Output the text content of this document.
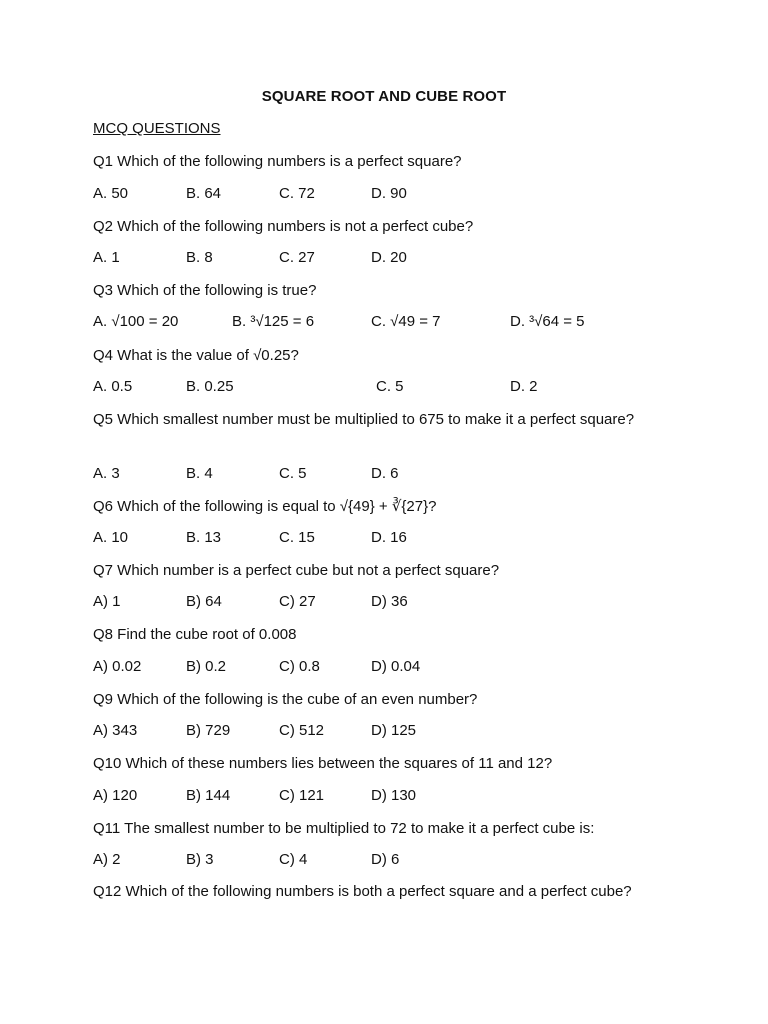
SQUARE ROOT AND CUBE ROOT
MCQ QUESTIONS
Q1 Which of the following numbers is a perfect square?
A. 50	B. 64	C. 72	D. 90
Q2 Which of the following numbers is not a perfect cube?
A. 1	B. 8	C. 27	D. 20
Q3 Which of the following is true?
A. √100 = 20	B. ³√125 = 6	C. √49 = 7	D. ³√64 = 5
Q4 What is the value of √0.25?
A. 0.5	B. 0.25	C. 5	D. 2
Q5 Which smallest number must be multiplied to 675 to make it a perfect square?
A. 3	B. 4	C. 5	D. 6
Q6 Which of the following is equal to √{49} + ∛{27}?
A. 10	B. 13	C. 15	D. 16
Q7 Which number is a perfect cube but not a perfect square?
A) 1	B) 64	C) 27	D) 36
Q8 Find the cube root of 0.008
A) 0.02	B) 0.2	C) 0.8	D) 0.04
Q9 Which of the following is the cube of an even number?
A) 343	B) 729	C) 512	D) 125
Q10 Which of these numbers lies between the squares of 11 and 12?
A) 120	B) 144	C) 121	D) 130
Q11 The smallest number to be multiplied to 72 to make it a perfect cube is:
A) 2	B) 3	C) 4	D) 6
Q12 Which of the following numbers is both a perfect square and a perfect cube?
